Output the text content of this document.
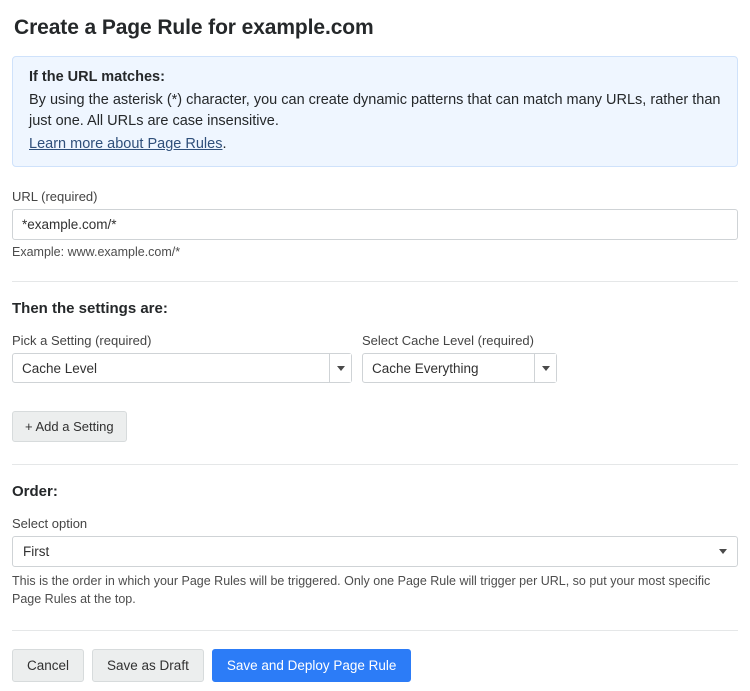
Create a Page Rule for example.com
If the URL matches:
By using the asterisk (*) character, you can create dynamic patterns that can match many URLs, rather than just one. All URLs are case insensitive.
Learn more about Page Rules.
URL (required)
*example.com/*
Example: www.example.com/*
Then the settings are:
Pick a Setting (required)
Cache Level
Select Cache Level (required)
Cache Everything
+ Add a Setting
Order:
Select option
First
This is the order in which your Page Rules will be triggered. Only one Page Rule will trigger per URL, so put your most specific Page Rules at the top.
Cancel	Save as Draft	Save and Deploy Page Rule
